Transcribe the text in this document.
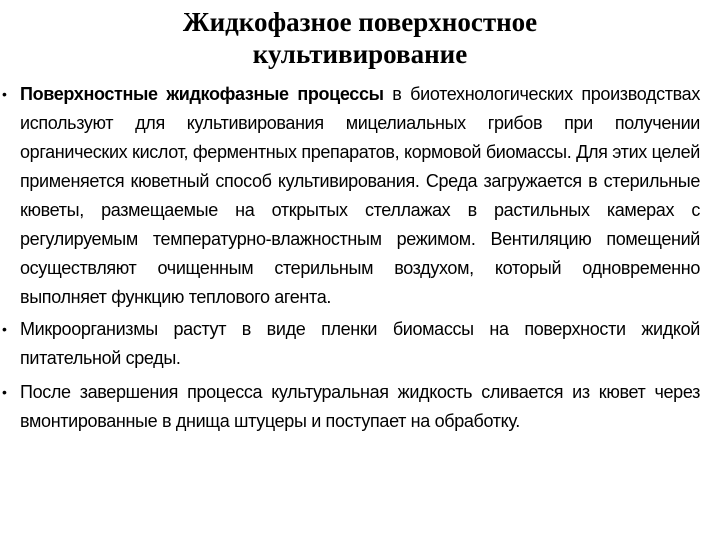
Жидкофазное поверхностное
культивирование
• Поверхностные жидкофазные процессы в биотехнологических производствах используют для культивирования мицелиальных грибов при получении органических кислот, ферментных препаратов, кормовой биомассы. Для этих целей применяется кюветный способ культивирования. Среда загружается в стерильные кюветы, размещаемые на открытых стеллажах в растильных камерах с регулируемым температурно-влажностным режимом. Вентиляцию помещений осуществляют очищенным стерильным воздухом, который одновременно выполняет функцию теплового агента.
• Микроорганизмы растут в виде пленки биомассы на поверхности жидкой питательной среды.
• После завершения процесса культуральная жидкость сливается из кювет через вмонтированные в днища штуцеры и поступает на обработку.
